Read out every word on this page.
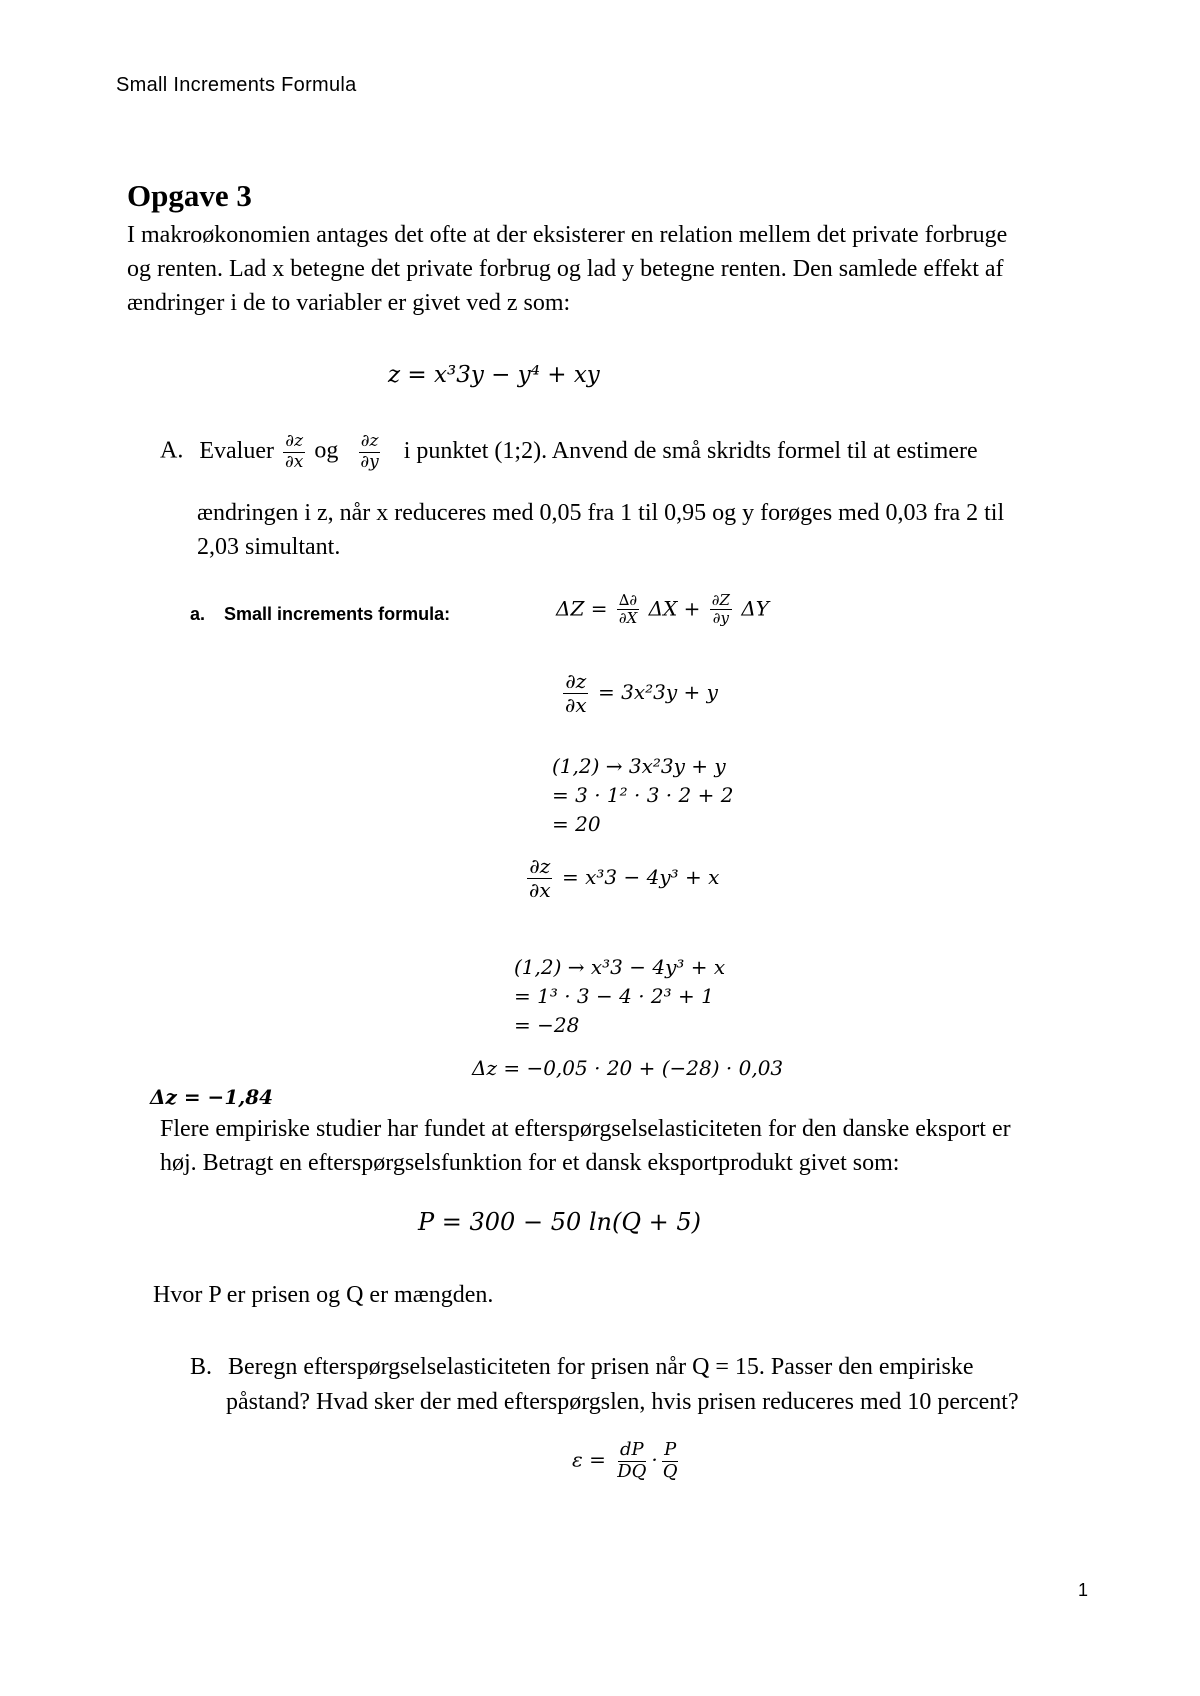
Small Increments Formula
Opgave 3
I makroøkonomien antages det ofte at der eksisterer en relation mellem det private forbruge
og renten. Lad x betegne det private forbrug og lad y betegne renten. Den samlede effekt af
ændringer i de to variabler er givet ved z som:
z = x³3y − y⁴ + xy
A. Evaluer $\frac{\partial z}{\partial x}$ og $\frac{\partial z}{\partial y}$ i punktet (1;2). Anvend de små skridts formel til at estimere
ændringen i z, når x reduceres med 0,05 fra 1 til 0,95 og y forøges med 0,03 fra 2 til
2,03 simultant.
a. Small increments formula:	$\Delta Z = \frac{\Delta\partial}{\partial X}$ $\Delta X + \frac{\partial Z}{\partial y}$ ΔY
$\frac{\partial z}{\partial x} = 3x^23y + y$
(1,2) → 3x²3y + y
= 3 · 1² · 3 · 2 + 2
= 20
$\frac{\partial z}{\partial x} = x^33 - 4y^3 + x$
(1,2) → x³3 − 4y³ + x
= 1³ · 3 − 4 · 2³ + 1
= −28
Δz = −0,05 · 20 + (−28) · 0,03
Δz = −1,84
Flere empiriske studier har fundet at efterspørgselselasticiteten for den danske eksport er
høj. Betragt en efterspørgselsfunktion for et dansk eksportprodukt givet som:
P = 300 − 50 ln(Q + 5)
Hvor P er prisen og Q er mængden.
B. Beregn efterspørgselselasticiteten for prisen når Q = 15. Passer den empiriske
påstand? Hvad sker der med efterspørgslen, hvis prisen reduceres med 10 percent?
$\varepsilon = \frac{dP}{DQ} \cdot \frac{P}{Q}$
1
